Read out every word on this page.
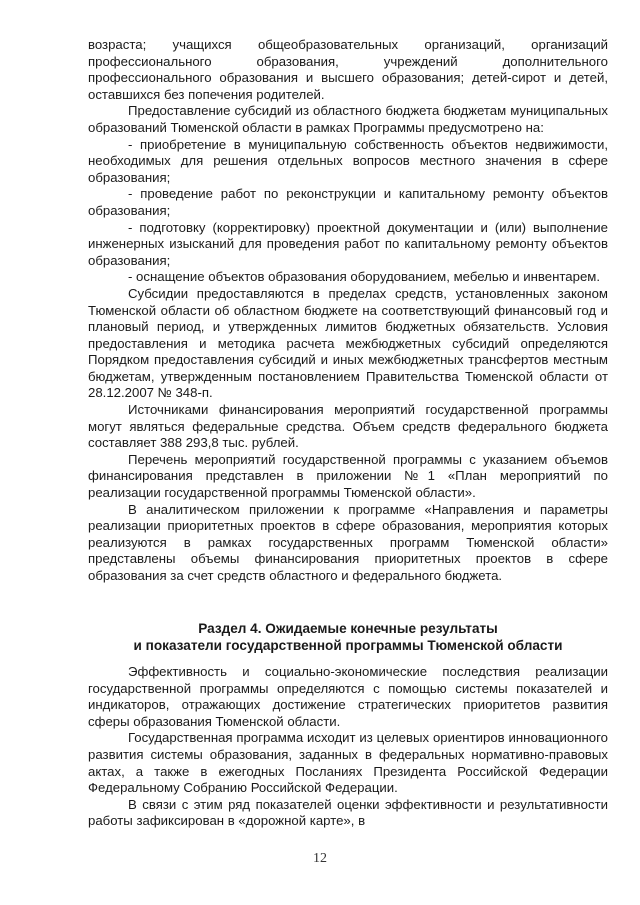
возраста; учащихся общеобразовательных организаций, организаций профессионального образования, учреждений дополнительного профессионального образования и высшего образования; детей-сирот и детей, оставшихся без попечения родителей.

Предоставление субсидий из областного бюджета бюджетам муниципальных образований Тюменской области в рамках Программы предусмотрено на:

- приобретение в муниципальную собственность объектов недвижимости, необходимых для решения отдельных вопросов местного значения в сфере образования;

- проведение работ по реконструкции и капитальному ремонту объектов образования;

- подготовку (корректировку) проектной документации и (или) выполнение инженерных изысканий для проведения работ по капитальному ремонту объектов образования;

- оснащение объектов образования оборудованием, мебелью и инвентарем.

Субсидии предоставляются в пределах средств, установленных законом Тюменской области об областном бюджете на соответствующий финансовый год и плановый период, и утвержденных лимитов бюджетных обязательств. Условия предоставления и методика расчета межбюджетных субсидий определяются Порядком предоставления субсидий и иных межбюджетных трансфертов местным бюджетам, утвержденным постановлением Правительства Тюменской области от 28.12.2007 № 348-п.

Источниками финансирования мероприятий государственной программы могут являться федеральные средства. Объем средств федерального бюджета составляет 388 293,8 тыс. рублей.

Перечень мероприятий государственной программы с указанием объемов финансирования представлен в приложении №1 «План мероприятий по реализации государственной программы Тюменской области».

В аналитическом приложении к программе «Направления и параметры реализации приоритетных проектов в сфере образования, мероприятия которых реализуются в рамках государственных программ Тюменской области» представлены объемы финансирования приоритетных проектов в сфере образования за счет средств областного и федерального бюджета.

Раздел 4. Ожидаемые конечные результаты
и показатели государственной программы Тюменской области

Эффективность и социально-экономические последствия реализации государственной программы определяются с помощью системы показателей и индикаторов, отражающих достижение стратегических приоритетов развития сферы образования Тюменской области.

Государственная программа исходит из целевых ориентиров инновационного развития системы образования, заданных в федеральных нормативно-правовых актах, а также в ежегодных Посланиях Президента Российской Федерации Федеральному Собранию Российской Федерации.

В связи с этим ряд показателей оценки эффективности и результативности работы зафиксирован в «дорожной карте», в

12
